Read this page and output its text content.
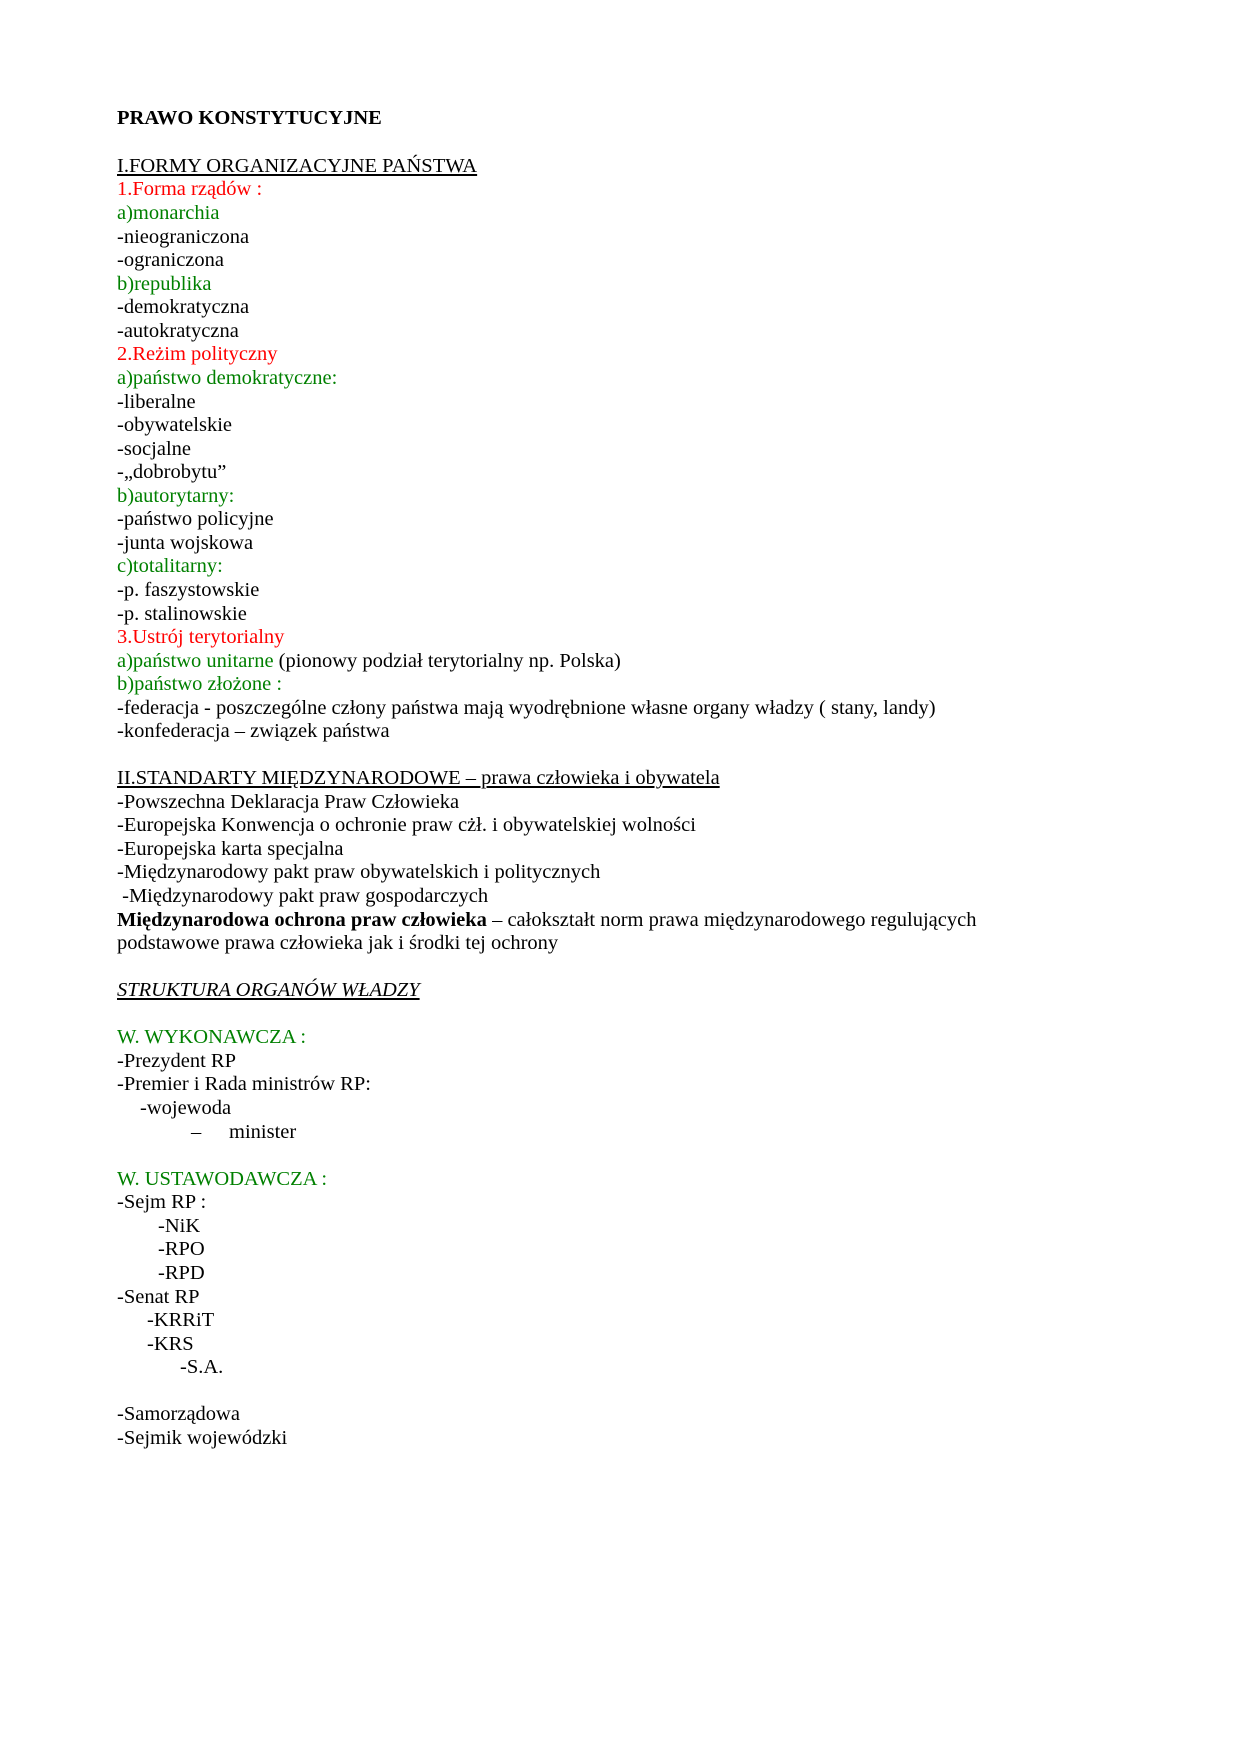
PRAWO KONSTYTUCYJNE
I.FORMY ORGANIZACYJNE PAŃSTWA
1.Forma rządów :
a)monarchia
-nieograniczona
-ograniczona
b)republika
-demokratyczna
-autokratyczna
2.Reżim polityczny
a)państwo demokratyczne:
-liberalne
-obywatelskie
-socjalne
-„dobrobytu”
b)autorytarny:
-państwo policyjne
-junta wojskowa
c)totalitarny:
-p. faszystowskie
-p. stalinowskie
3.Ustrój terytorialny
a)państwo unitarne (pionowy podział terytorialny np. Polska)
b)państwo złożone :
-federacja - poszczególne człony państwa mają wyodrębnione własne organy władzy ( stany, landy)
-konfederacja – związek państwa
II.STANDARTY MIĘDZYNARODOWE – prawa człowieka i obywatela
-Powszechna Deklaracja Praw Człowieka
-Europejska Konwencja o ochronie praw cżł. i obywatelskiej wolności
-Europejska karta specjalna
-Międzynarodowy pakt praw obywatelskich i politycznych
-Międzynarodowy pakt praw gospodarczych
Międzynarodowa ochrona praw człowieka – całokształt norm prawa międzynarodowego regulujących
podstawowe prawa człowieka jak i środki tej ochrony
STRUKTURA ORGANÓW WŁADZY
W. WYKONAWCZA :
-Prezydent RP
-Premier i Rada ministrów RP:
-wojewoda
– minister
W. USTAWODAWCZA :
-Sejm RP :
-NiK
-RPO
-RPD
-Senat RP
-KRRiT
-KRS
-S.A.
-Samorządowa
-Sejmik wojewódzki
